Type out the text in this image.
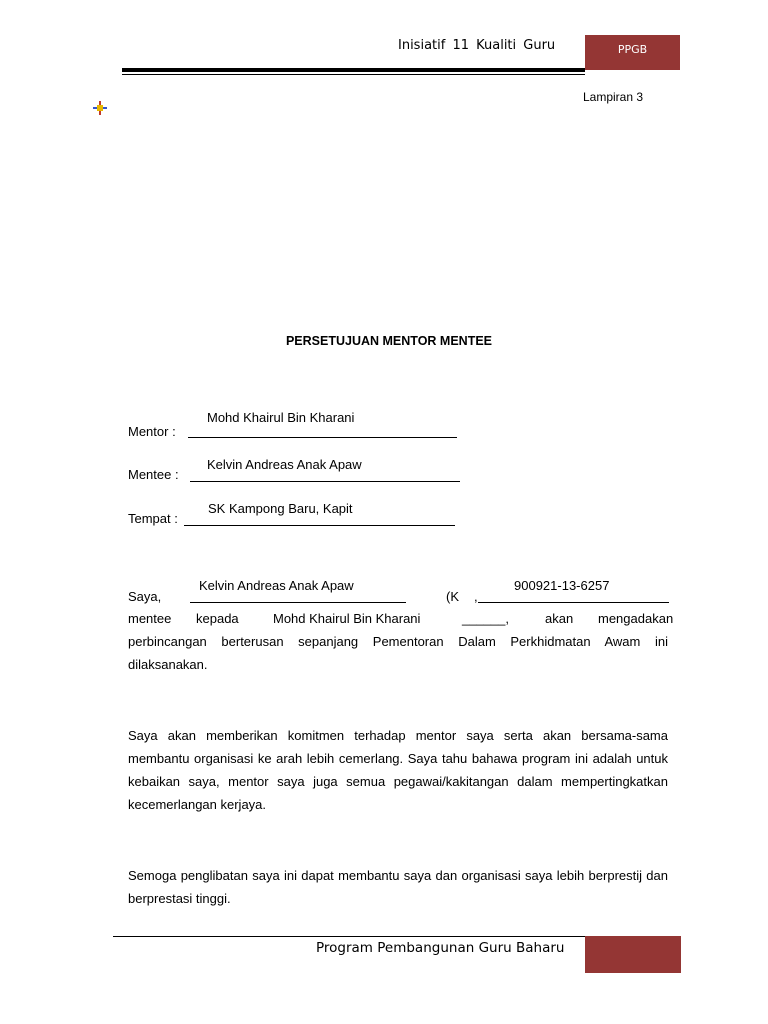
Inisiatif 11 Kualiti Guru	PPGB
Lampiran 3
PERSETUJUAN MENTOR MENTEE
Mohd Khairul Bin Kharani
Mentor :
Kelvin Andreas Anak Apaw
Mentee :
SK Kampong Baru, Kapit
Tempat :
Kelvin Andreas Anak Apaw	900921-13-6257
Saya,	(K ,
mentee kepada	Mohd Khairul Bin Kharani	______,	akan mengadakan
perbincangan berterusan sepanjang Pementoran Dalam Perkhidmatan Awam ini dilaksanakan.
Saya akan memberikan komitmen terhadap mentor saya serta akan bersama-sama membantu organisasi ke arah lebih cemerlang. Saya tahu bahawa program ini adalah untuk kebaikan saya, mentor saya juga semua pegawai/kakitangan dalam mempertingkatkan kecemerlangan kerjaya.
Semoga penglibatan saya ini dapat membantu saya dan organisasi saya lebih berprestij dan berprestasi tinggi.
Program Pembangunan Guru Baharu
